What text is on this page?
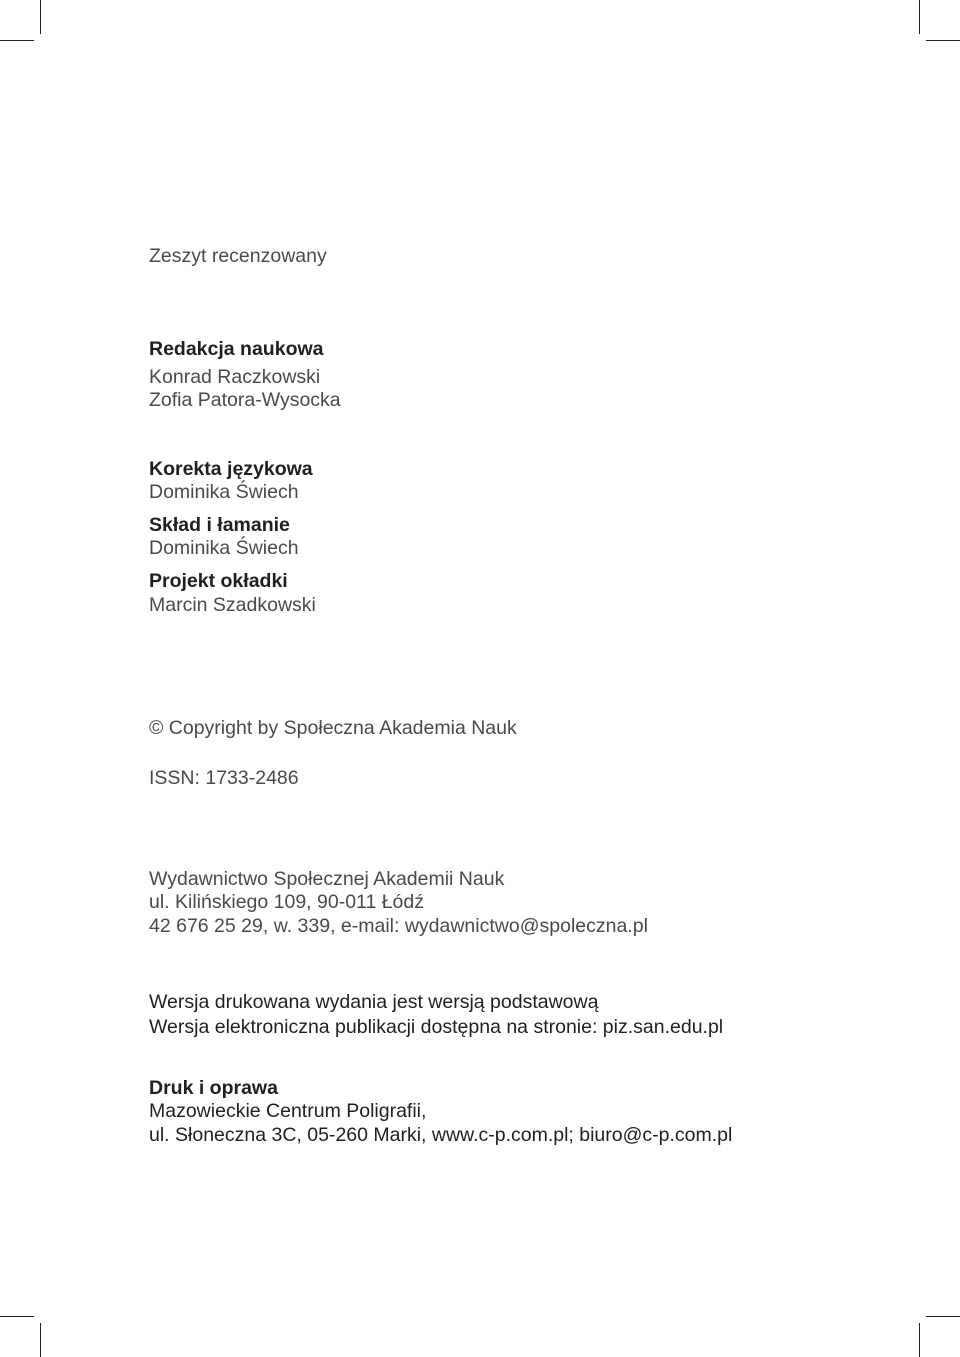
Zeszyt recenzowany

Redakcja naukowa

Konrad Raczkowski

Zofia Patora-Wysocka

Korekta językowa

Dominika Świech

Skład i łamanie

Dominika Świech

Projekt okładki

Marcin Szadkowski

© Copyright by Społeczna Akademia Nauk

ISSN: 1733-2486

Wydawnictwo Społecznej Akademii Nauk

ul. Kilińskiego 109, 90-011 Łódź

42 676 25 29, w. 339, e-mail: wydawnictwo@spoleczna.pl

Wersja drukowana wydania jest wersją podstawową

Wersja elektroniczna publikacji dostępna na stronie: piz.san.edu.pl

Druk i oprawa

Mazowieckie Centrum Poligrafii,

ul. Słoneczna 3C, 05-260 Marki, www.c-p.com.pl; biuro@c-p.com.pl
